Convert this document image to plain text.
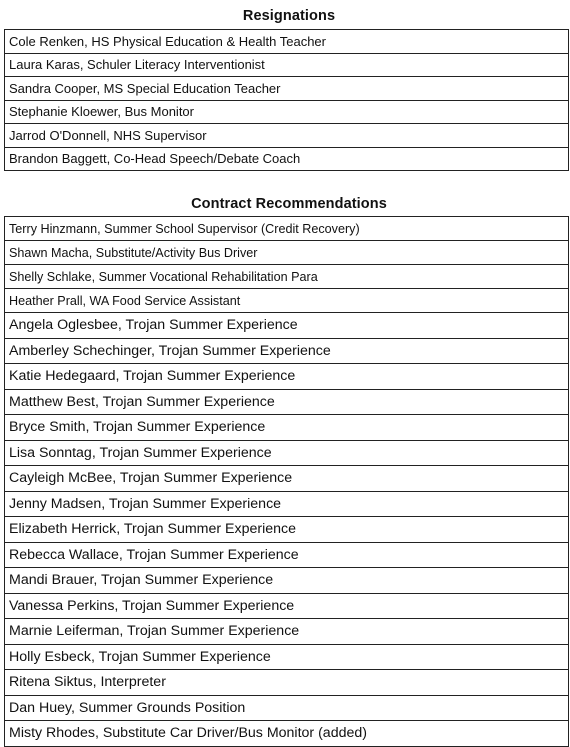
Resignations
Cole Renken, HS Physical Education & Health Teacher
Laura Karas, Schuler Literacy Interventionist
Sandra Cooper, MS Special Education Teacher
Stephanie Kloewer, Bus Monitor
Jarrod O'Donnell, NHS Supervisor
Brandon Baggett, Co-Head Speech/Debate Coach
Contract Recommendations
Terry Hinzmann, Summer School Supervisor (Credit Recovery)
Shawn Macha, Substitute/Activity Bus Driver
Shelly Schlake, Summer Vocational Rehabilitation Para
Heather Prall, WA Food Service Assistant
Angela Oglesbee, Trojan Summer Experience
Amberley Schechinger, Trojan Summer Experience
Katie Hedegaard, Trojan Summer Experience
Matthew Best, Trojan Summer Experience
Bryce Smith, Trojan Summer Experience
Lisa Sonntag, Trojan Summer Experience
Cayleigh McBee, Trojan Summer Experience
Jenny Madsen, Trojan Summer Experience
Elizabeth Herrick, Trojan Summer Experience
Rebecca Wallace, Trojan Summer Experience
Mandi Brauer, Trojan Summer Experience
Vanessa Perkins, Trojan Summer Experience
Marnie Leiferman, Trojan Summer Experience
Holly Esbeck, Trojan Summer Experience
Ritena Siktus, Interpreter
Dan Huey, Summer Grounds Position
Misty Rhodes, Substitute Car Driver/Bus Monitor (added)
